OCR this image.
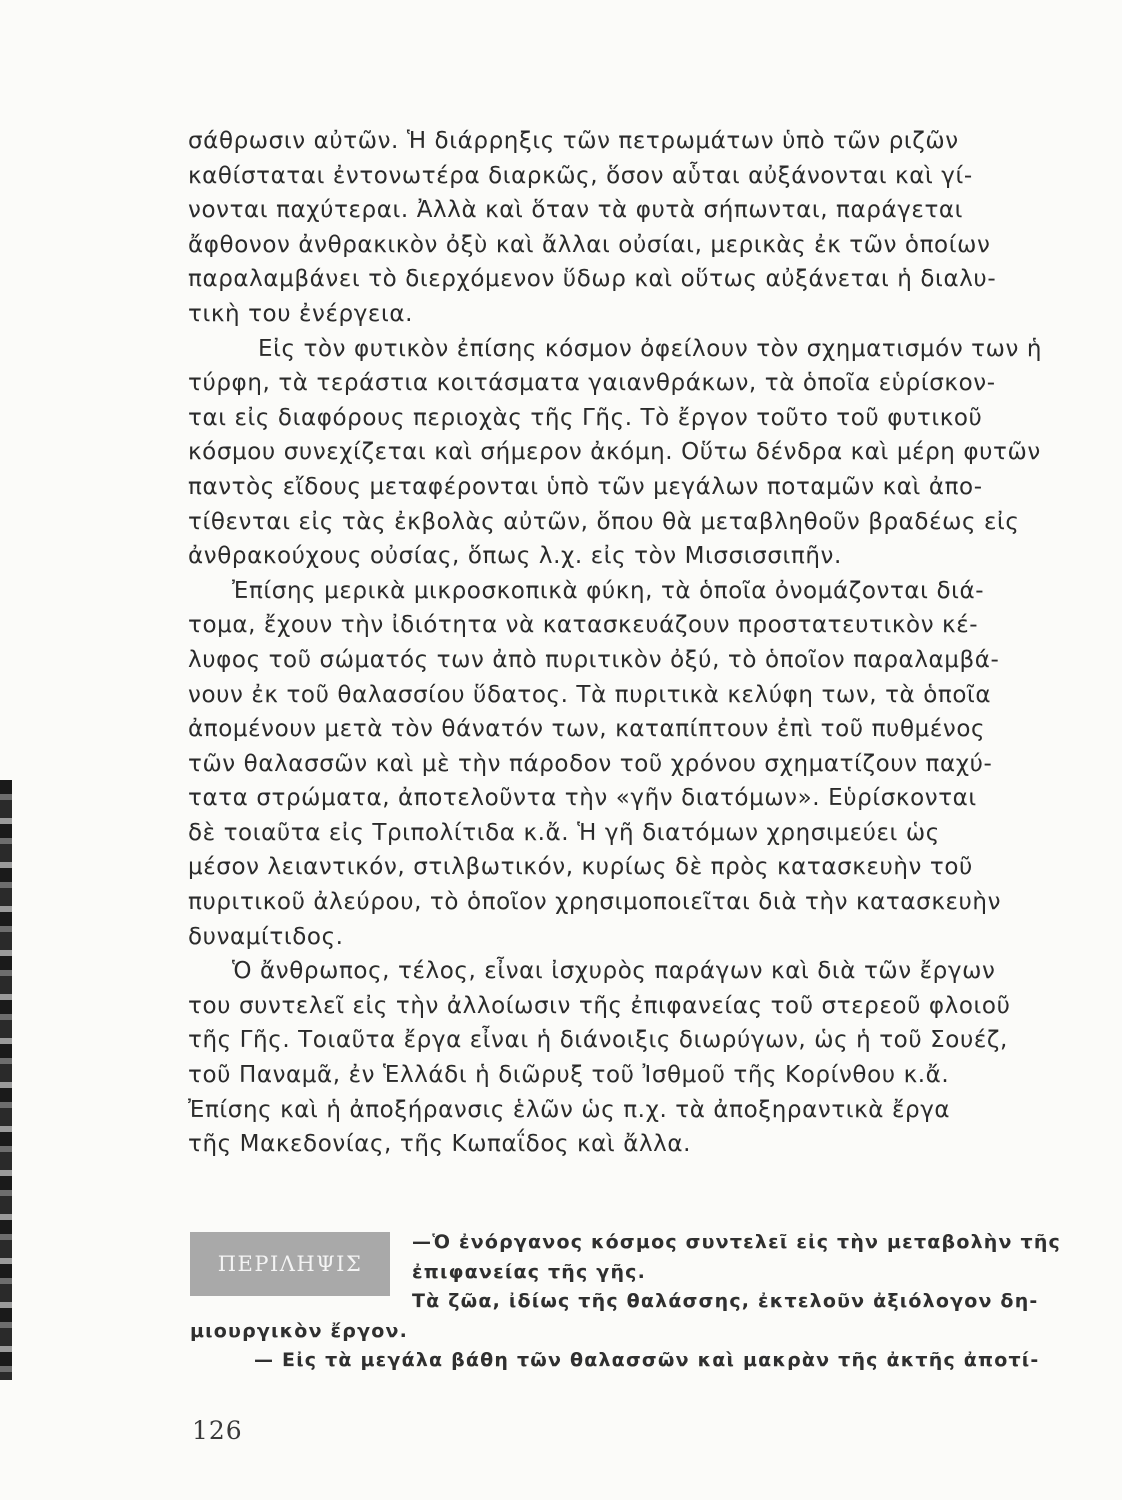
σάθρωσιν αὐτῶν. Ἡ διάρρηξις τῶν πετρωμάτων ὑπὸ τῶν ριζῶν
καθίσταται ἐντονωτέρα διαρκῶς, ὅσον αὗται αὐξάνονται καὶ γί-
νονται παχύτεραι. Ἀλλὰ καὶ ὅταν τὰ φυτὰ σήπωνται, παράγεται
ἄφθονον ἀνθρακικὸν ὀξὺ καὶ ἄλλαι οὐσίαι, μερικὰς ἐκ τῶν ὁποίων
παραλαμβάνει τὸ διερχόμενον ὕδωρ καὶ οὕτως αὐξάνεται ἡ διαλυ-
τικὴ του ἐνέργεια.
Εἰς τὸν φυτικὸν ἐπίσης κόσμον ὀφείλουν τὸν σχηματισμόν των ἡ
τύρφη, τὰ τεράστια κοιτάσματα γαιανθράκων, τὰ ὁποῖα εὑρίσκον-
ται εἰς διαφόρους περιοχὰς τῆς Γῆς. Τὸ ἔργον τοῦτο τοῦ φυτικοῦ
κόσμου συνεχίζεται καὶ σήμερον ἀκόμη. Οὕτω δένδρα καὶ μέρη φυτῶν
παντὸς εἴδους μεταφέρονται ὑπὸ τῶν μεγάλων ποταμῶν καὶ ἀπο-
τίθενται εἰς τὰς ἐκβολὰς αὐτῶν, ὅπου θὰ μεταβληθοῦν βραδέως εἰς
ἀνθρακούχους οὐσίας, ὅπως λ.χ. εἰς τὸν Μισσισσιπῆν.
Ἐπίσης μερικὰ μικροσκοπικὰ φύκη, τὰ ὁποῖα ὀνομάζονται διά-
τομα, ἔχουν τὴν ἰδιότητα νὰ κατασκευάζουν προστατευτικὸν κέ-
λυφος τοῦ σώματός των ἀπὸ πυριτικὸν ὀξύ, τὸ ὁποῖον παραλαμβά-
νουν ἐκ τοῦ θαλασσίου ὕδατος. Τὰ πυριτικὰ κελύφη των, τὰ ὁποῖα
ἀπομένουν μετὰ τὸν θάνατόν των, καταπίπτουν ἐπὶ τοῦ πυθμένος
τῶν θαλασσῶν καὶ μὲ τὴν πάροδον τοῦ χρόνου σχηματίζουν παχύ-
τατα στρώματα, ἀποτελοῦντα τὴν «γῆν διατόμων». Εὑρίσκονται
δὲ τοιαῦτα εἰς Τριπολίτιδα κ.ἄ. Ἡ γῆ διατόμων χρησιμεύει ὡς
μέσον λειαντικόν, στιλβωτικόν, κυρίως δὲ πρὸς κατασκευὴν τοῦ
πυριτικοῦ ἀλεύρου, τὸ ὁποῖον χρησιμοποιεῖται διὰ τὴν κατασκευὴν
δυναμίτιδος.
Ὁ ἄνθρωπος, τέλος, εἶναι ἰσχυρὸς παράγων καὶ διὰ τῶν ἔργων
του συντελεῖ εἰς τὴν ἀλλοίωσιν τῆς ἐπιφανείας τοῦ στερεοῦ φλοιοῦ
τῆς Γῆς. Τοιαῦτα ἔργα εἶναι ἡ διάνοιξις διωρύγων, ὡς ἡ τοῦ Σουέζ,
τοῦ Παναμᾶ, ἐν Ἑλλάδι ἡ διῶρυξ τοῦ Ἰσθμοῦ τῆς Κορίνθου κ.ἄ.
Ἐπίσης καὶ ἡ ἀποξήρανσις ἑλῶν ὡς π.χ. τὰ ἀποξηραντικὰ ἔργα
τῆς Μακεδονίας, τῆς Κωπαΐδος καὶ ἄλλα.
ΠΕΡΙΛΗΨΙΣ
—Ὁ ἐνόργανος κόσμος συντελεῖ εἰς τὴν μεταβολὴν τῆς
ἐπιφανείας τῆς γῆς.
Τὰ ζῶα, ἰδίως τῆς θαλάσσης, ἐκτελοῦν ἀξιόλογον δη-
μιουργικὸν ἔργον.
— Εἰς τὰ μεγάλα βάθη τῶν θαλασσῶν καὶ μακρὰν τῆς ἀκτῆς ἀποτί-
126
